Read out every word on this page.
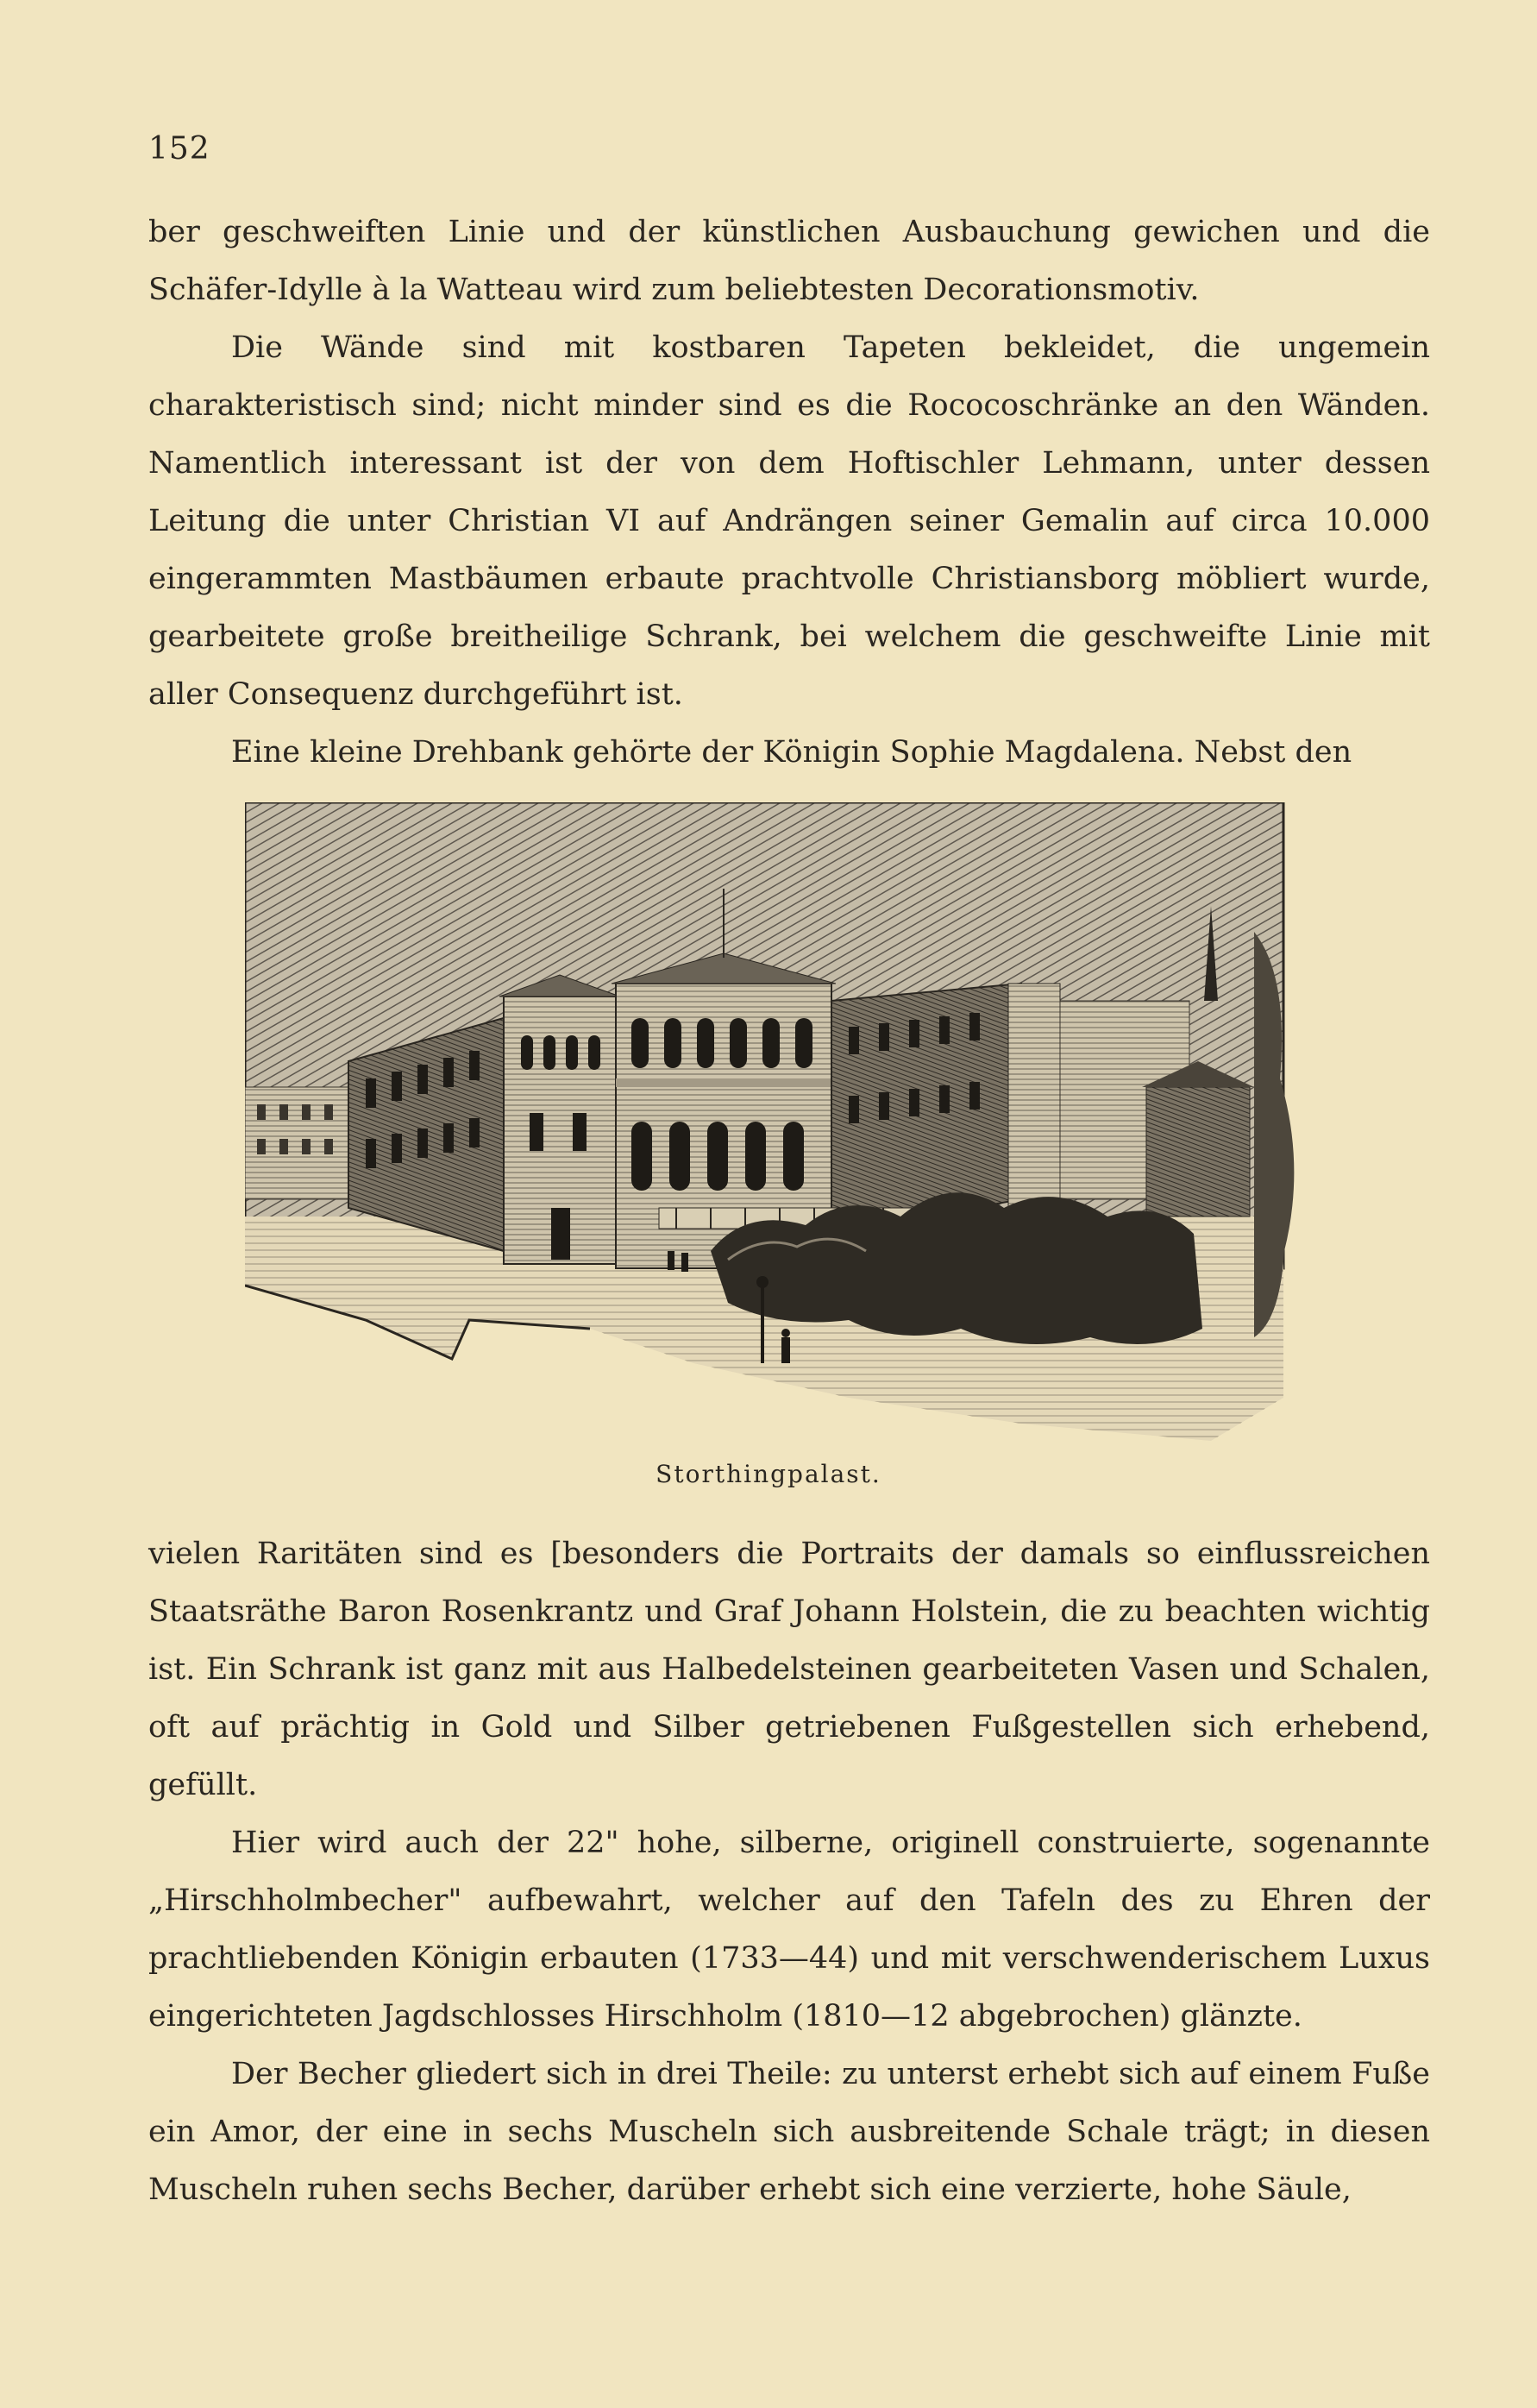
152

ber geschweiften Linie und der künstlichen Ausbauchung gewichen und die Schäfer-Idylle à la Watteau wird zum beliebtesten Decorationsmotiv.

Die Wände sind mit kostbaren Tapeten bekleidet, die ungemein charakteristisch sind; nicht minder sind es die Rococoschränke an den Wänden. Namentlich interessant ist der von dem Hoftischler Lehmann, unter dessen Leitung die unter Christian VI auf Andrängen seiner Gemalin auf circa 10.000 eingerammten Mastbäumen erbaute prachtvolle Christiansborg möbliert wurde, gearbeitete große breitheilige Schrank, bei welchem die geschweifte Linie mit aller Consequenz durchgeführt ist.

Eine kleine Drehbank gehörte der Königin Sophie Magdalena. Nebst den

Storthingpalast.

vielen Raritäten sind es [besonders die Portraits der damals so einflussreichen Staatsräthe Baron Rosenkrantz und Graf Johann Holstein, die zu beachten wichtig ist. Ein Schrank ist ganz mit aus Halbedelsteinen gearbeiteten Vasen und Schalen, oft auf prächtig in Gold und Silber getriebenen Fußgestellen sich erhebend, gefüllt.

Hier wird auch der 22" hohe, silberne, originell construierte, sogenannte „Hirschholmbecher" aufbewahrt, welcher auf den Tafeln des zu Ehren der prachtliebenden Königin erbauten (1733—44) und mit verschwenderischem Luxus eingerichteten Jagdschlosses Hirschholm (1810—12 abgebrochen) glänzte.

Der Becher gliedert sich in drei Theile: zu unterst erhebt sich auf einem Fuße ein Amor, der eine in sechs Muscheln sich ausbreitende Schale trägt; in diesen Muscheln ruhen sechs Becher, darüber erhebt sich eine verzierte, hohe Säule,
